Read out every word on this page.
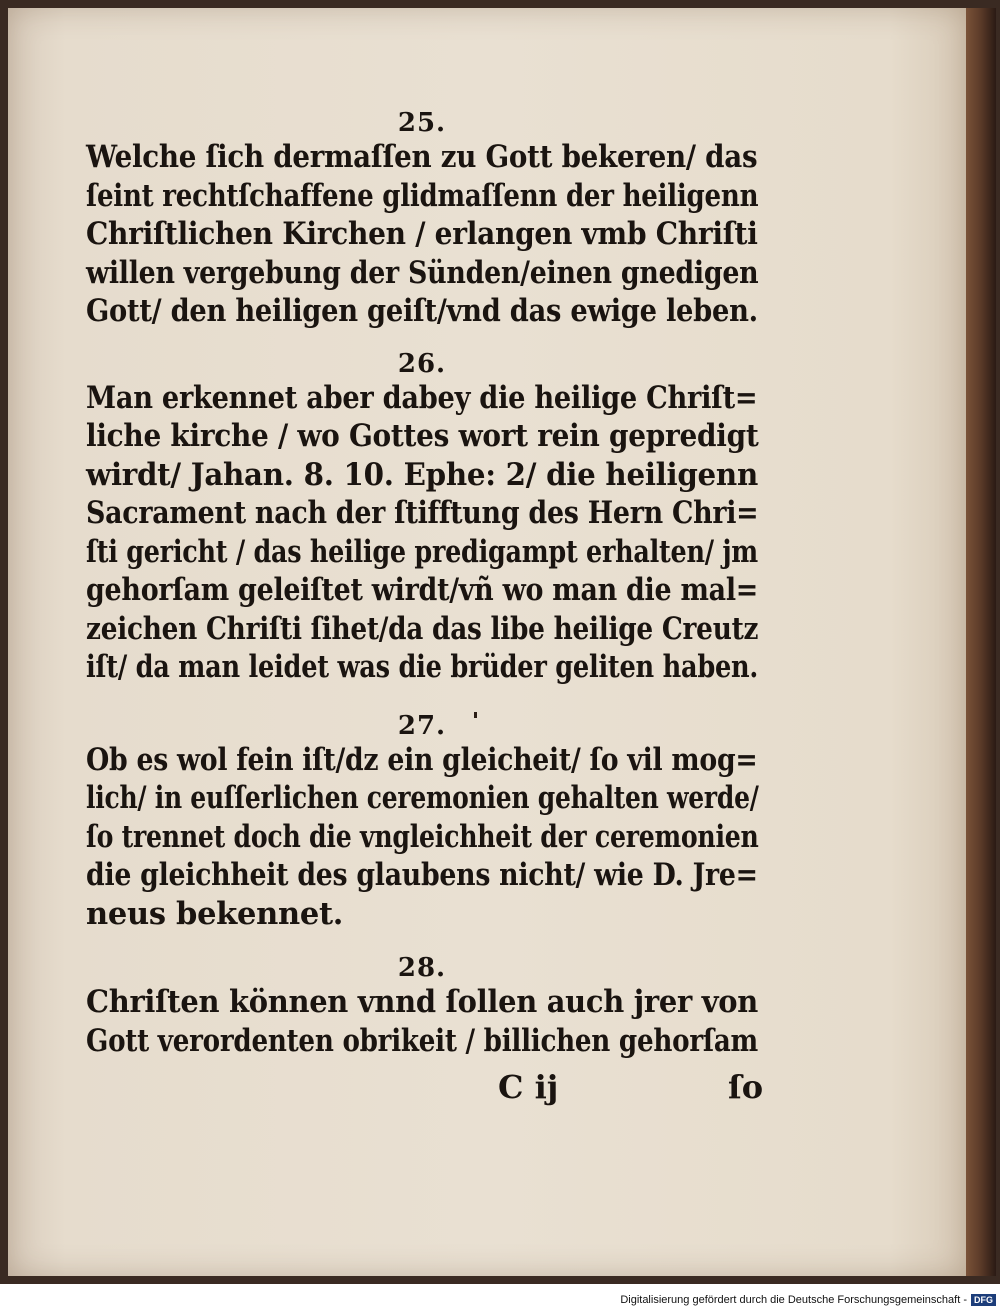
25.
Welche ſich dermaſſen zu Gott bekeren/ das
ſeint rechtſchaffene glidmaſſenn der heiligenn
Chriſtlichen Kirchen / erlangen vmb Chriſti
willen vergebung der Sünden/einen gnedigen
Gott/ den heiligen geiſt/vnd das ewige leben.
26.
Man erkennet aber dabey die heilige Chriſt=
liche kirche / wo Gottes wort rein gepredigt
wirdt/ Jahan. 8. 10. Ephe: 2/ die heiligenn
Sacrament nach der ſtifftung des Hern Chri=
ſti gericht / das heilige predigampt erhalten/ jm
gehorſam geleiſtet wirdt/vñ wo man die mal=
zeichen Chriſti ſihet/da das libe heilige Creutz
iſt/ da man leidet was die brüder geliten haben.
27.
Ob es wol fein iſt/dz ein gleicheit/ ſo vil mog=
lich/ in euſſerlichen ceremonien gehalten werde/
ſo trennet doch die vngleichheit der ceremonien
die gleichheit des glaubens nicht/ wie D. Jre=
neus bekennet.
28.
Chriſten können vnnd ſollen auch jrer von
Gott verordenten obrikeit / billichen gehorſam
C ij	ſo
Digitalisierung gefördert durch die Deutsche Forschungsgemeinschaft - DFG
